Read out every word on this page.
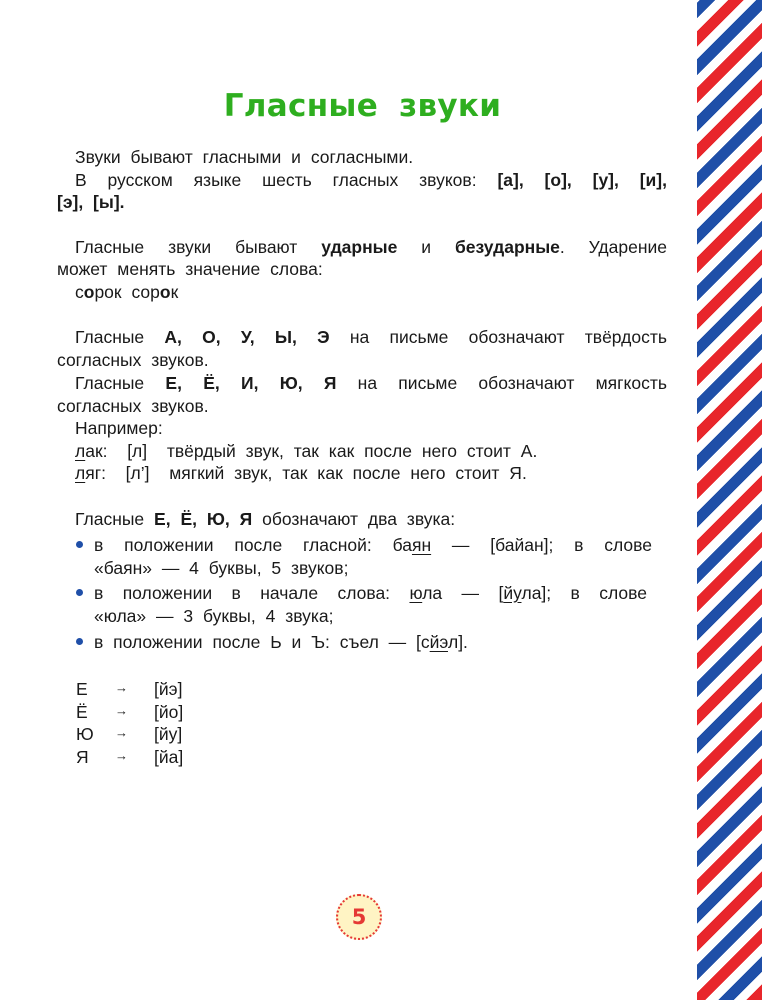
Гласные звуки
Звуки бывают гласными и согласными.
В русском языке шесть гласных звуков: [а], [о], [у], [и],
[э], [ы].
Гласные звуки бывают ударные и безударные. Ударение
может менять значение слова:
сорок сорок
Гласные А, О, У, Ы, Э на письме обозначают твёрдость
согласных звуков.
Гласные Е, Ё, И, Ю, Я на письме обозначают мягкость
согласных звуков.
Например:
лак:  [л]  твёрдый звук, так как после него стоит А.
ляг:  [л’]  мягкий звук, так как после него стоит Я.
Гласные Е, Ё, Ю, Я обозначают два звука:
в положении после гласной: баян — [байан]; в слове
«баян» — 4 буквы, 5 звуков;
в положении в начале слова: юла — [йула]; в слове
«юла» — 3 буквы, 4 звука;
в положении после Ь и Ъ: съел — [сйэл].
Е → [йэ]
Ё → [йо]
Ю → [йу]
Я → [йа]
5
